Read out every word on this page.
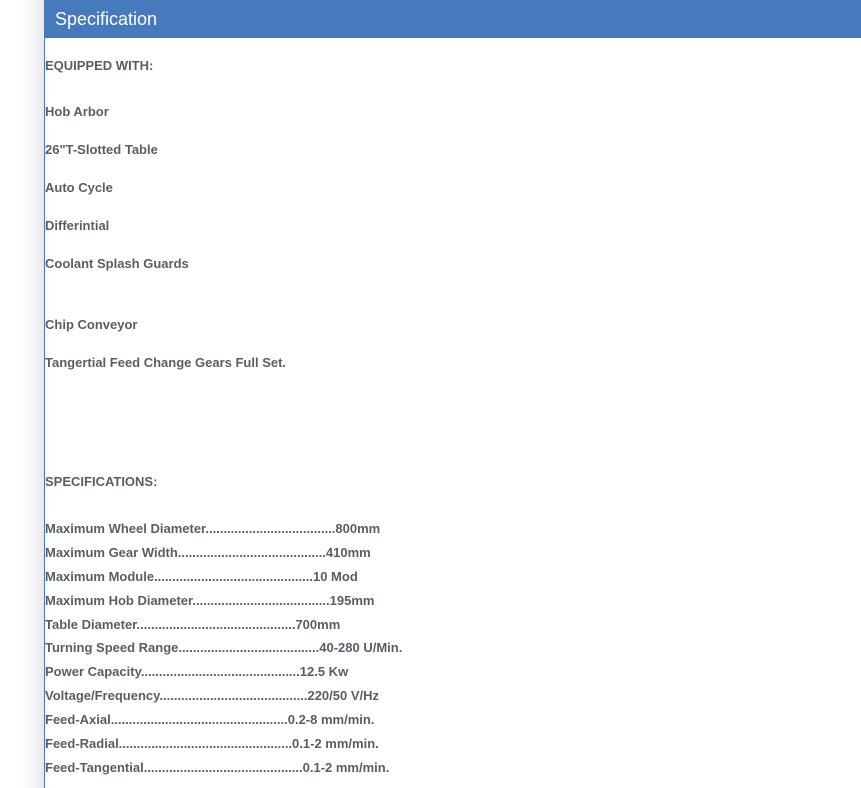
Specification

EQUIPPED WITH:

Hob Arbor

26"T-Slotted Table

Auto Cycle

Differintial

Coolant Splash Guards

Chip Conveyor

Tangertial Feed Change Gears Full Set.

SPECIFICATIONS:

Maximum Wheel Diameter....................................800mm

Maximum Gear Width.........................................410mm

Maximum Module............................................10 Mod

Maximum Hob Diameter......................................195mm

Table Diameter............................................700mm

Turning Speed Range.......................................40-280 U/Min.

Power Capacity............................................12.5 Kw

Voltage/Frequency.........................................220/50 V/Hz

Feed-Axial.................................................0.2-8 mm/min.

Feed-Radial................................................0.1-2 mm/min.

Feed-Tangential............................................0.1-2 mm/min.
